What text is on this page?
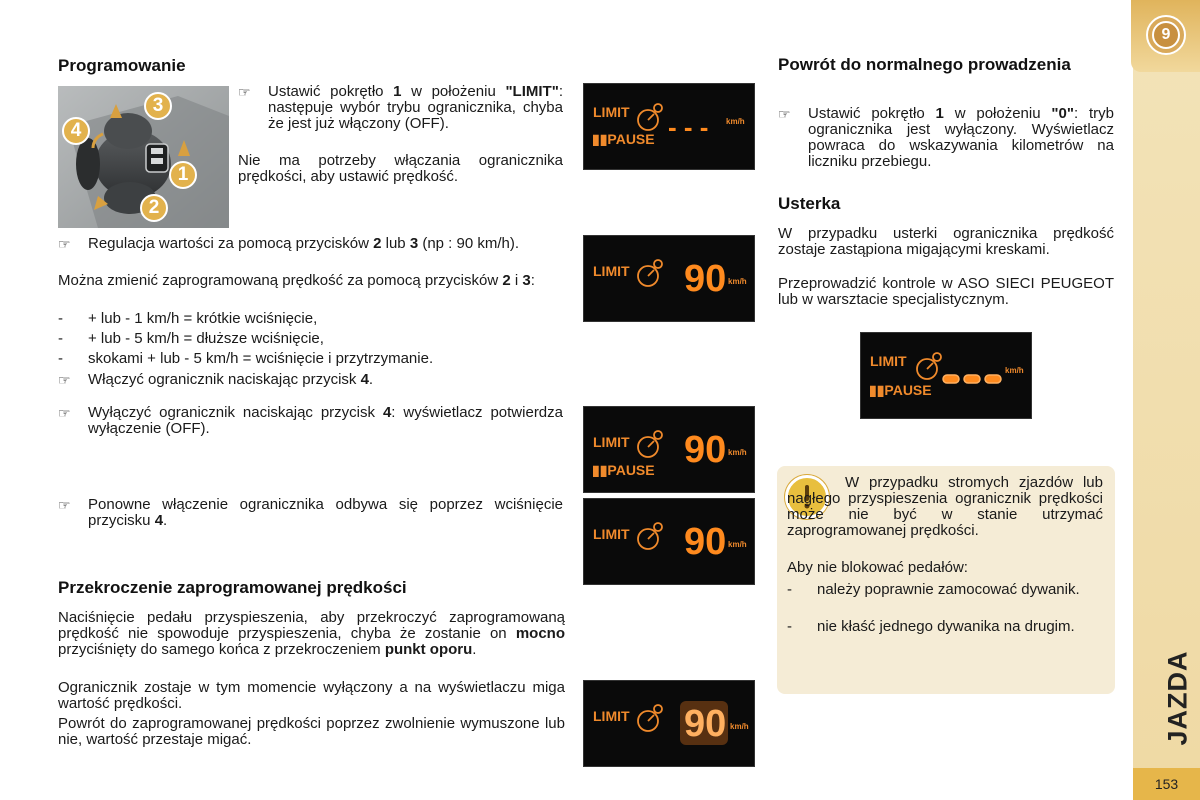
9
JAZDA
153
Programowanie
3
4
1
2
☞ Ustawić pokrętło 1 w położeniu "LIMIT": następuje wybór trybu ogranicznika, chyba że jest już włączony (OFF).
Nie ma potrzeby włączania ogranicznika prędkości, aby ustawić prędkość.
☞ Regulacja wartości za pomocą przycisków 2 lub 3 (np : 90 km/h).
Można zmienić zaprogramowaną prędkość za pomocą przycisków 2 i 3:
- + lub - 1 km/h = krótkie wciśnięcie,
- + lub - 5 km/h = dłuższe wciśnięcie,
- skokami + lub - 5 km/h = wciśnięcie i przytrzymanie.
☞ Włączyć ogranicznik naciskając przycisk 4.
☞ Wyłączyć ogranicznik naciskając przycisk 4: wyświetlacz potwierdza wyłączenie (OFF).
☞ Ponowne włączenie ogranicznika odbywa się poprzez wciśnięcie przycisku 4.
Przekroczenie zaprogramowanej prędkości
Naciśnięcie pedału przyspieszenia, aby przekroczyć zaprogramowaną prędkość nie spowoduje przyspieszenia, chyba że zostanie on mocno przyciśnięty do samego końca z przekroczeniem punkt oporu.
Ogranicznik zostaje w tym momencie wyłączony a na wyświetlaczu miga wartość prędkości.
Powrót do zaprogramowanej prędkości poprzez zwolnienie wymuszone lub nie, wartość przestaje migać.
LIMIT
▮▮PAUSE - - - km/h
LIMIT 90 km/h
LIMIT
▮▮PAUSE 90 km/h
LIMIT 90 km/h
LIMIT 90 km/h
Powrót do normalnego prowadzenia
☞ Ustawić pokrętło 1 w położeniu "0": tryb ogranicznika jest wyłączony. Wyświetlacz powraca do wskazywania kilometrów na liczniku przebiegu.
Usterka
W przypadku usterki ogranicznika prędkość zostaje zastąpiona migającymi kreskami.
Przeprowadzić kontrole w ASO SIECI PEUGEOT lub w warsztacie specjalistycznym.
LIMIT
▮▮PAUSE
km/h
W przypadku stromych zjazdów lub nagłego przyspieszenia ogranicznik prędkości może nie być w stanie utrzymać zaprogramowanej prędkości.
Aby nie blokować pedałów:
- należy poprawnie zamocować dywanik.
- nie kłaść jednego dywanika na drugim.
